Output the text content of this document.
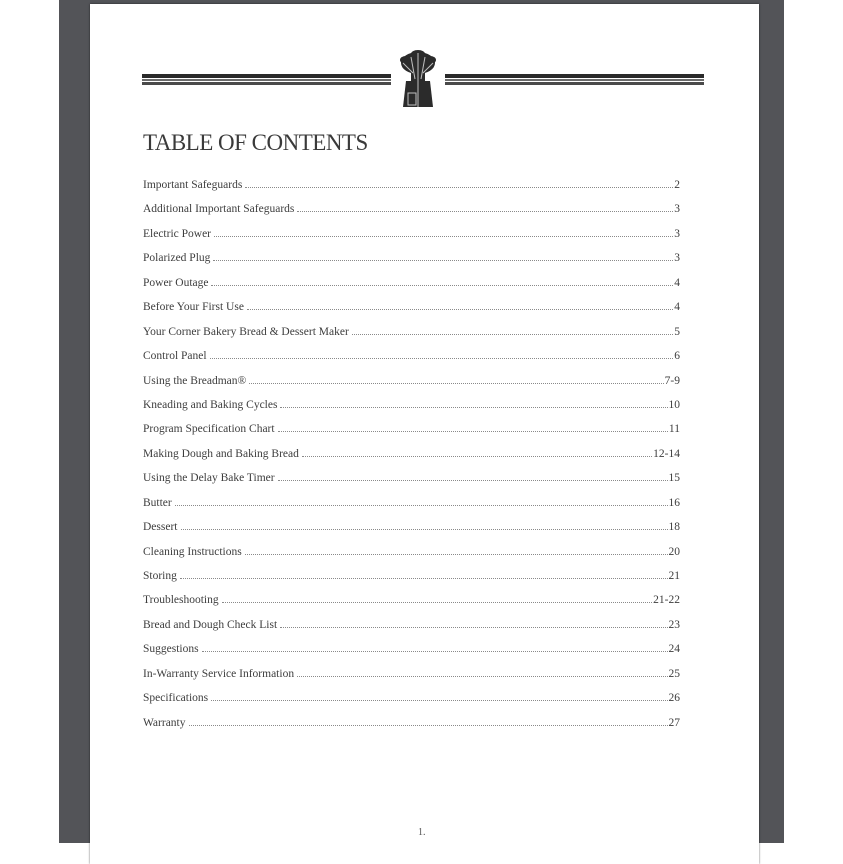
TABLE OF CONTENTS
Important Safeguards	2
Additional Important Safeguards	3
Electric Power	3
Polarized Plug	3
Power Outage	4
Before Your First Use	4
Your Corner Bakery Bread & Dessert Maker	5
Control Panel	6
Using the Breadman®	7-9
Kneading and Baking Cycles	10
Program Specification Chart	11
Making Dough and Baking Bread	12-14
Using the Delay Bake Timer	15
Butter	16
Dessert	18
Cleaning Instructions	20
Storing	21
Troubleshooting	21-22
Bread and Dough Check List	23
Suggestions	24
In-Warranty Service Information	25
Specifications	26
Warranty	27
1.
